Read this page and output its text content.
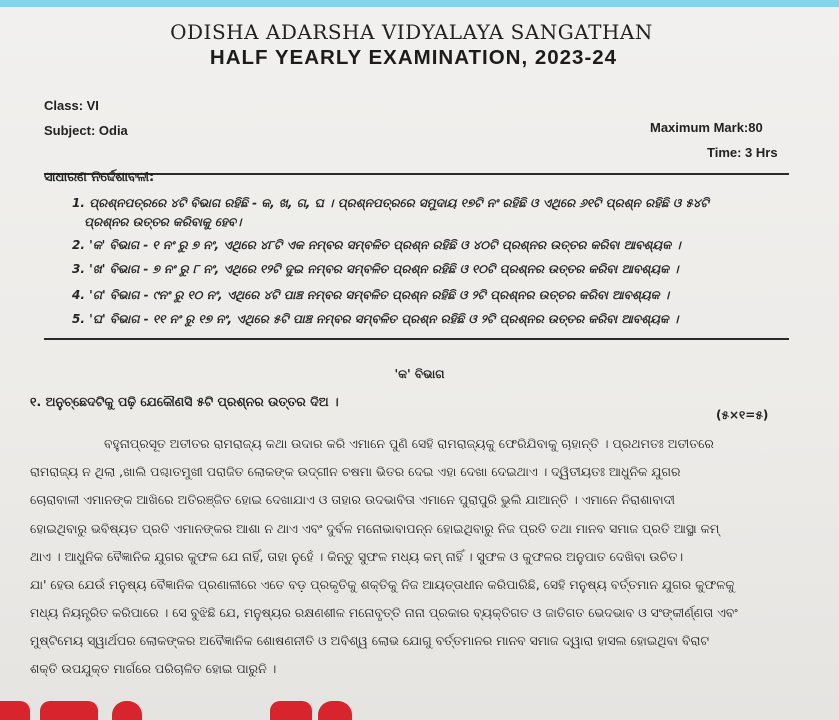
ODISHA ADARSHA VIDYALAYA SANGATHAN
HALF YEARLY EXAMINATION, 2023-24
Class: VI
Subject: Odia	Maximum Mark:80
Time: 3 Hrs
ସାଧାରଣ ନିର୍ଦ୍ଦେଶାବଳୀ:
1. ପ୍ରଶ୍ନପତ୍ରରେ ୪ଟି ବିଭାଗ ରହିଛି - କ, ଖ, ଗ, ଘ । ପ୍ରଶ୍ନପତ୍ରରେ ସମୁଦାୟ ୧୭ଟି ନଂ ରହିଛି ଓ ଏଥିରେ ୬୧ଟି ପ୍ରଶ୍ନ ରହିଛି ଓ ୫୪ଟି
ପ୍ରଶ୍ନର ଉତ୍ତର କରିବାକୁ ହେବ।
2. 'କ' ବିଭାଗ - ୧ ନଂ ରୁ ୭ ନଂ, ଏଥିରେ ୪୮ଟି ଏକ ନମ୍ବର ସମ୍ବଳିତ ପ୍ରଶ୍ନ ରହିଛି ଓ ୪୦ଟି ପ୍ରଶ୍ନର ଉତ୍ତର କରିବା ଆବଶ୍ୟକ ।
3. 'ଖ' ବିଭାଗ - ୭ ନଂ ରୁ ୮ ନଂ, ଏଥିରେ ୧୨ଟି ଦୁଇ ନମ୍ବର ସମ୍ବଳିତ ପ୍ରଶ୍ନ ରହିଛି ଓ ୧୦ଟି ପ୍ରଶ୍ନର ଉତ୍ତର କରିବା ଆବଶ୍ୟକ ।
4. 'ଗ' ବିଭାଗ - ୯ନଂ ରୁ ୧୦ ନଂ, ଏଥିରେ ୪ଟି ପାଞ୍ଚ ନମ୍ବର ସମ୍ବଳିତ ପ୍ରଶ୍ନ ରହିଛି ଓ ୨ଟି ପ୍ରଶ୍ନର ଉତ୍ତର କରିବା ଆବଶ୍ୟକ ।
5. 'ଘ' ବିଭାଗ - ୧୧ ନଂ ରୁ ୧୭ ନଂ, ଏଥିରେ ୫ଟି ପାଞ୍ଚ ନମ୍ବର ସମ୍ବଳିତ ପ୍ରଶ୍ନ ରହିଛି ଓ ୨ଟି ପ୍ରଶ୍ନର ଉତ୍ତର କରିବା ଆବଶ୍ୟକ ।
'କ' ବିଭାଗ
୧. ଅନୁଚ୍ଛେଦଟିକୁ ପଢ଼ି ଯେକୌଣସି ୫ଟି ପ୍ରଶ୍ନର ଉତ୍ତର ଦିଅ ।
(୫×୧=୫)
ବହୁନାପ୍ରସୂତ ଅତୀତର ରାମରାଜ୍ୟ କଥା ଉଦାର କରି ଏମାନେ ପୁଣି ସେହି ରାମରାଜ୍ୟକୁ ଫେରିଯିବାକୁ ଚାହାନ୍ତି । ପ୍ରଥମତଃ ଅତୀତରେ
ରାମରାଜ୍ୟ ନ ଥିଲା ,ଖାଲି ପଶ୍ଚାତମୁଖୀ ପରାଜିତ ଲୋକଙ୍କ ଉଦ୍ଗୀନ ଚଷମା ଭିତର ଦେଇ ଏହା ଦେଖା ଦେଇଥାଏ । ଦ୍ୱିତୀୟତଃ ଆଧୁନିକ ଯୁଗର
ଚୋରାବାଳୀ ଏମାନଙ୍କ ଆଖିରେ ଅତିରଞ୍ଜିତ ହୋଇ ଦେଖାଯାଏ ଓ ତାହାର ଉଦଭାବିତା ଏମାନେ ପୁରାପୁରି ଭୁଲି ଯାଆନ୍ତି । ଏମାନେ ନିରାଶାବାଦୀ
ହୋଇଥିବାରୁ ଭବିଷ୍ୟତ ପ୍ରତି ଏମାନଙ୍କର ଆଶା ନ ଥାଏ ଏବଂ ଦୁର୍ବଳ ମନୋଭାବାପନ୍ନ ହୋଇଥିବାରୁ ନିଜ ପ୍ରତି ତଥା ମାନବ ସମାଜ ପ୍ରତି ଆସ୍ଥା କମ୍
ଥାଏ । ଆଧୁନିକ ବୈଜ୍ଞାନିକ ଯୁଗର କୁଫଳ ଯେ ନାହିଁ, ତାହା ନୁହେଁ । କିନ୍ତୁ ସୁଫଳ ମଧ୍ୟ କମ୍ ନାହିଁ । ସୁଫଳ ଓ କୁଫଳର ଅନୁପାତ ଦେଖିବା ଉଚିତ।
ଯା' ହେଉ ଯେଉଁ ମନୁଷ୍ୟ ବୈଜ୍ଞାନିକ ପ୍ରଣାଳୀରେ ଏତେ ବଡ଼ ପ୍ରକୃତିକୁ ଶକ୍ତିକୁ ନିଜ ଆୟତ୍ତାଧୀନ କରିପାରିଛି, ସେହି ମନୁଷ୍ୟ ବର୍ତ୍ତମାନ ଯୁଗର କୁଫଳକୁ
ମଧ୍ୟ ନିୟନ୍ତ୍ରିତ କରିପାରେ । ସେ ବୁଝିଛି ଯେ, ମନୁଷ୍ୟର ରକ୍ଷଣଶୀଳ ମନୋବୃତ୍ତି ନାନା ପ୍ରକାର ବ୍ୟକ୍ତିଗତ ଓ ଜାତିଗତ ଭେଦଭାବ ଓ ସଂଙ୍କୀର୍ଣ୍ଣତା ଏବଂ
ମୁଷ୍ଟିମେୟ ସ୍ୱାର୍ଥପର ଲୋକଙ୍କର ଅବୈଜ୍ଞାନିକ ଶୋଷଣନୀତି ଓ ଅବିଶ୍ୱ ଲୋଭ ଯୋଗୁ ବର୍ତ୍ତମାନର ମାନବ ସମାଜ ଦ୍ୱାରା ହାସଲ ହୋଇଥିବା ବିରାଟ
ଶକ୍ତି ଉପଯୁକ୍ତ ମାର୍ଗରେ ପରିଚାଳିତ ହୋଇ ପାରୁନି ।
